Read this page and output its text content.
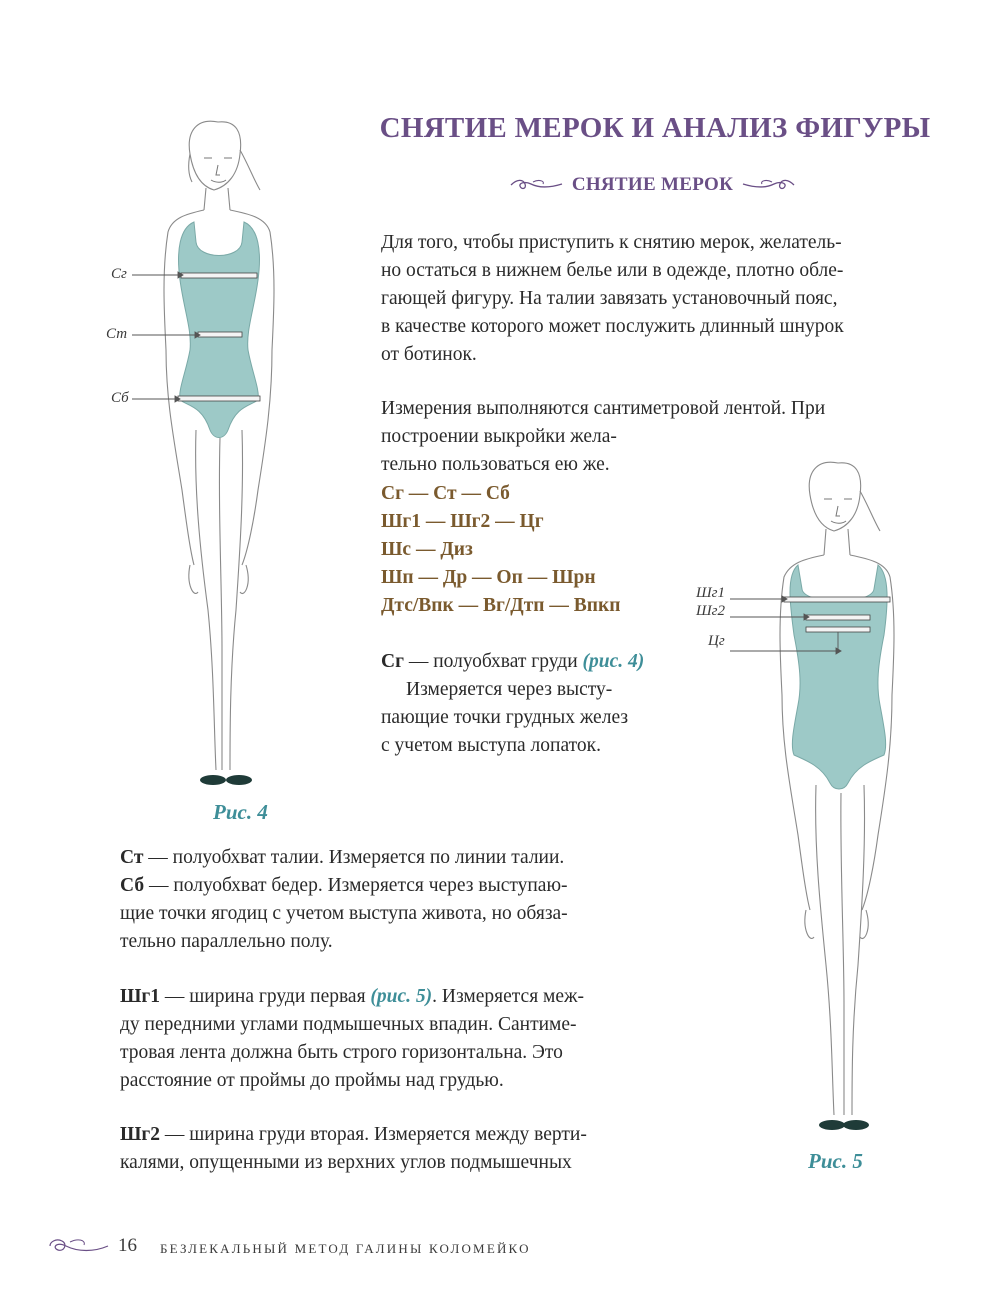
СНЯТИЕ МЕРОК И АНАЛИЗ ФИГУРЫ
СНЯТИЕ МЕРОК
Для того, чтобы приступить к снятию мерок, желатель-
но остаться в нижнем белье или в одежде, плотно обле-
гающей фигуру. На талии завязать установочный пояс,
в качестве которого может послужить длинный шнурок
от ботинок.
Измерения выполняются сантиметровой лентой. При
построении выкройки жела-
тельно пользоваться ею же.
Сг — Ст — Сб
Шг1 — Шг2 — Цг
Шс — Диз
Шп — Др — Оп — Шрн
Дтс/Впк — Вг/Дтп — Впкп
Сг — полуобхват груди (рис. 4)
Измеряется через высту-
пающие точки грудных желез
с учетом выступа лопаток.
Ст — полуобхват талии. Измеряется по линии талии.
Сб — полуобхват бедер. Измеряется через выступаю-
щие точки ягодиц с учетом выступа живота, но обяза-
тельно параллельно полу.
Шг1 — ширина груди первая (рис. 5). Измеряется меж-
ду передними углами подмышечных впадин. Сантиме-
тровая лента должна быть строго горизонтальна. Это
расстояние от проймы до проймы над грудью.
Шг2 — ширина груди вторая. Измеряется между верти-
калями, опущенными из верхних углов подмышечных
Сг
Ст
Сб
Рис. 4
Шг1
Шг2
Цг
Рис. 5
16 БЕЗЛЕКАЛЬНЫЙ МЕТОД ГАЛИНЫ КОЛОМЕЙКО
